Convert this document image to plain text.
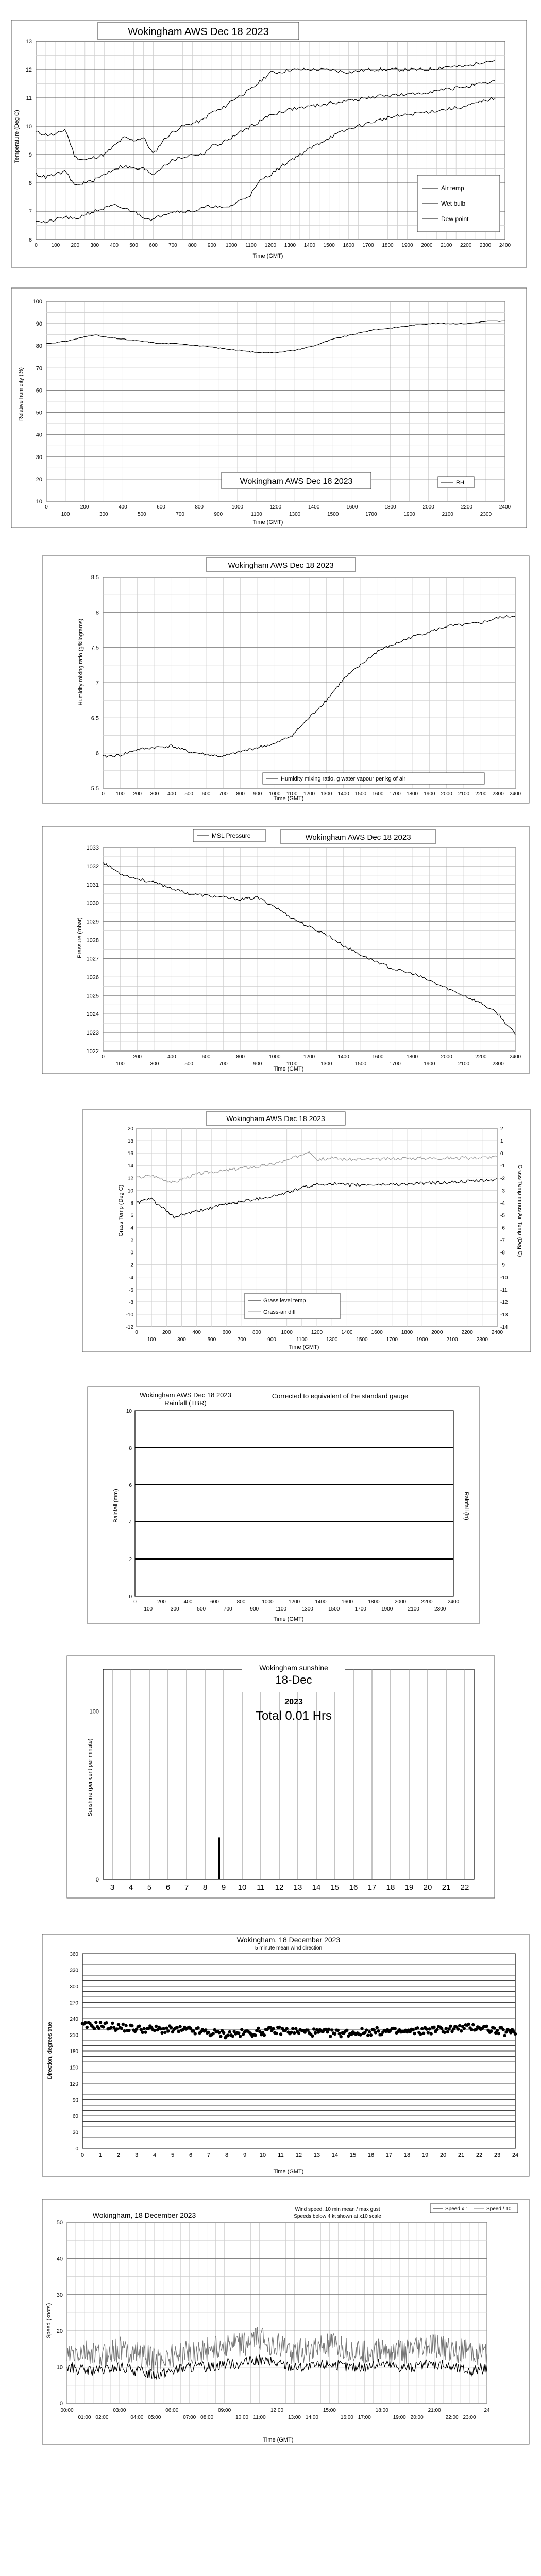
Wokingham AWS Dec 18 2023
Time (GMT)
Temperature (Deg C)
Air temp
Wet bulb
Dew point
6
7
8
9
10
11
12
13
0	100 200 300 400 500 600 700 800 900 1000 1100 1200 1300 1400 1500 1600 1700 1800 1900 2000 2100 2200 2300 2400
Wokingham AWS Dec 18 2023	RH
Time (GMT)
Relative humidity (%)
10
20
30
40
50
60
70
80
90
100
0	200	400	600	800	1000	1200	1400	1600	1800	2000	2200	2400
100	300	500	700	900	1100	1300	1500	1700	1900	2100	2300
Wokingham AWS Dec 18 2023
Humidity mixing ratio, g water vapour per kg of air
Time (GMT)
Humidity mixing ratio (g/kilograms)
5.5
6
6.5
7
7.5
8
8.5
0 100 200 300 400 500 600 700 800 900 1000 1100 1200 1300 1400 1500 1600 1700 1800 1900 2000 2100 2200 2300 2400
MSL Pressure	Wokingham AWS Dec 18 2023
Time (GMT)
Pressure (mbar)
1022
1023
1024
1025
1026
1027
1028
1029
1030
1031
1032
1033
0	200	400	600	800	1000	1200	1400	1600	1800	2000	2200	2400
100	300	500	700	900	1100	1300	1500	1700	1900	2100	2300
Wokingham AWS Dec 18 2023
Grass level temp
Grass-air diff
Time (GMT)
Grass Temp (Deg C)	Grass Temp minus Air Temp (Deg C)
-12
-10
-8
-6
-4
-2
0
2
4
6
8
10
12
14
16
18
20
-14
-13
-12
-11
-10
-9
-8
-7
-6
-5
-4
-3
-2
-1
0
1
2
0	200	400	600	800	1000	1200	1400	1600	1800	2000	2200	2400
100	300	500	700	900	1100	1300	1500	1700	1900	2100	2300
Wokingham AWS Dec 18 2023
Rainfall (TBR)
Corrected to equivalent of the standard gauge
Time (GMT)
Rainfall (mm)	Rainfall (in)
0
2
4
6
8
10
0	200	400	600	800	1000	1200	1400	1600	1800	2000	2200	2400
100	300	500	700	900	1100	1300	1500	1700	1900	2100	2300
Sunshine (per cent per minute)
0
100
3 4 5 6 7 8 9 10 11 12 13 14 15 16 17 18 19 20 21 22
Wokingham sunshine
18-Dec
2023
Total 0.01 Hrs
Wokingham, 18 December 2023
5 minute mean wind direction
Time (GMT)
Direction, degrees true
0
30
60
90
120
150
180
210
240
270
300
330
360
0	1	2	3	4	5	6	7	8	9 10 11 12 13 14 15 16 17 18 19 20 21 22 23 24
Wokingham, 18 December 2023
Wind speed, 10 min mean / max gust
Speeds below 4 kt shown at x10 scale
Speed x 1	Speed / 10
Time (GMT)
Speed (knots)
0
10
20
30
40
50
00:00	03:00	06:00	09:00	12:00	15:00	18:00	21:00	24
01:00 02:00	04:00 05:00	07:00 08:00	10:00 11:00	13:00 14:00	16:00 17:00	19:00 20:00	22:00 23:00
